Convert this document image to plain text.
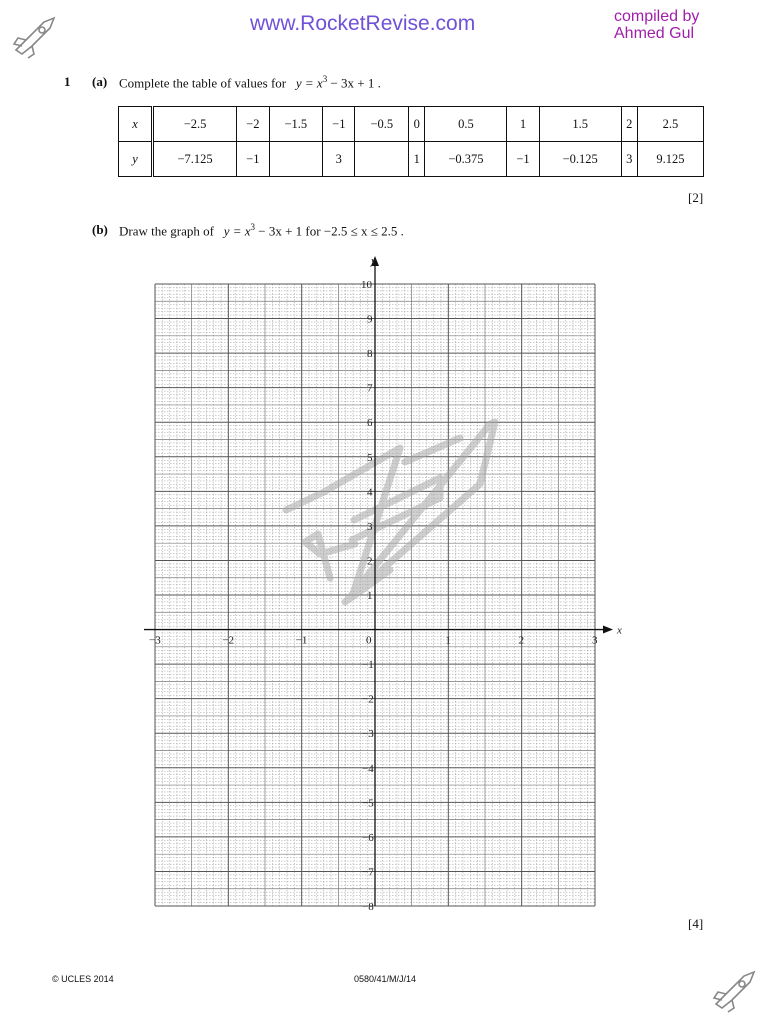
www.RocketRevise.com	compiled by
Ahmed Gul
1 (a) Complete the table of values for $y = x^3 - 3x + 1$ .
x	−2.5	−2	−1.5	−1	−0.5	0	0.5	1	1.5	2	2.5
y	−7.125	−1		3		1	−0.375	−1	−0.125	3	9.125
[2]
(b) Draw the graph of $y = x^3 - 3x + 1$ for −2.5 ≤ x ≤ 2.5 .
−3	−2	−1	0	1	2	3
10
9
8
7
6
5
4
3
2
1
−1
−2
−3
−4
−5
−6
−7
−8
x
y
[4]
© UCLES 2014	0580/41/M/J/14
